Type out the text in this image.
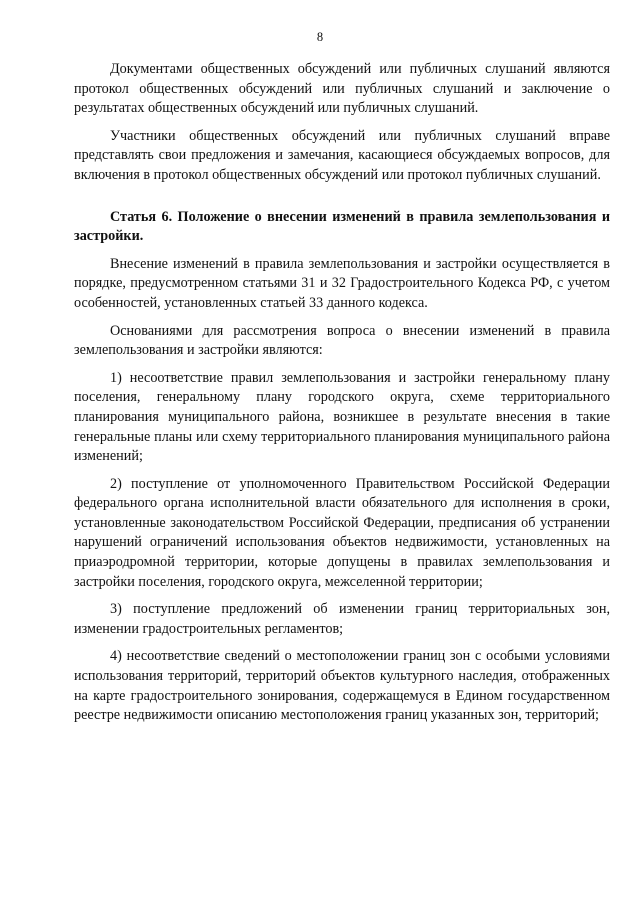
8

Документами общественных обсуждений или публичных слушаний являются протокол общественных обсуждений или публичных слушаний и заключение о результатах общественных обсуждений или публичных слушаний.

Участники общественных обсуждений или публичных слушаний вправе представлять свои предложения и замечания, касающиеся обсуждаемых вопросов, для включения в протокол общественных обсуждений или протокол публичных слушаний.

Статья 6. Положение о внесении изменений в правила землепользования и застройки.

Внесение изменений в правила землепользования и застройки осуществляется в порядке, предусмотренном статьями 31 и 32 Градостроительного Кодекса РФ, с учетом особенностей, установленных статьей 33 данного кодекса.

Основаниями для рассмотрения вопроса о внесении изменений в правила землепользования и застройки являются:

1) несоответствие правил землепользования и застройки генеральному плану поселения, генеральному плану городского округа, схеме территориального планирования муниципального района, возникшее в результате внесения в такие генеральные планы или схему территориального планирования муниципального района изменений;

2) поступление от уполномоченного Правительством Российской Федерации федерального органа исполнительной власти обязательного для исполнения в сроки, установленные законодательством Российской Федерации, предписания об устранении нарушений ограничений использования объектов недвижимости, установленных на приаэродромной территории, которые допущены в правилах землепользования и застройки поселения, городского округа, межселенной территории;

3) поступление предложений об изменении границ территориальных зон, изменении градостроительных регламентов;

4) несоответствие сведений о местоположении границ зон с особыми условиями использования территорий, территорий объектов культурного наследия, отображенных на карте градостроительного зонирования, содержащемуся в Едином государственном реестре недвижимости описанию местоположения границ указанных зон, территорий;
